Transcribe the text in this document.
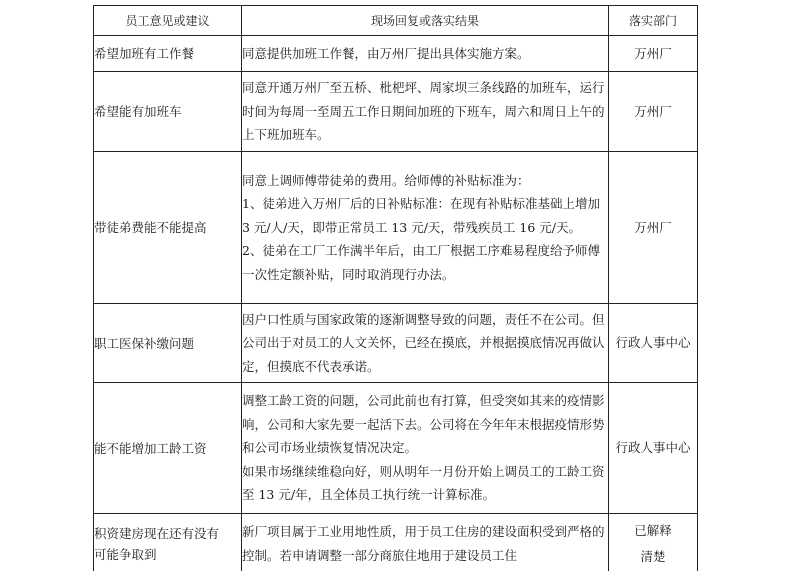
员工意见或建议	现场回复或落实结果	落实部门

希望加班有工作餐	同意提供加班工作餐，由万州厂提出具体实施方案。	万州厂

希望能有加班车	同意开通万州厂至五桥、枇杷坪、周家坝三条线路的加班车，运行时间为每周一至周五工作日期间加班的下班车，周六和周日上午的上下班加班车。	万州厂

带徒弟费能不能提高	同意上调师傅带徒弟的费用。给师傅的补贴标准为：
1、徒弟进入万州厂后的日补贴标准：在现有补贴标准基础上增加 3 元/人/天，即带正常员工 13 元/天，带残疾员工 16 元/天。
2、徒弟在工厂工作满半年后，由工厂根据工序难易程度给予师傅一次性定额补贴，同时取消现行办法。	万州厂

职工医保补缴问题	因户口性质与国家政策的逐渐调整导致的问题，责任不在公司。但公司出于对员工的人文关怀，已经在摸底，并根据摸底情况再做认定，但摸底不代表承诺。	行政人事中心

能不能增加工龄工资	调整工龄工资的问题，公司此前也有打算，但受突如其来的疫情影响，公司和大家先要一起活下去。公司将在今年年末根据疫情形势和公司市场业绩恢复情况决定。
如果市场继续维稳向好，则从明年一月份开始上调员工的工龄工资至 13 元/年，且全体员工执行统一计算标准。	行政人事中心

积资建房现在还有没有
可能争取到	新厂项目属于工业用地性质，用于员工住房的建设面积受到严格的控制。若申请调整一部分商旅住地用于建设员工住	已解释
清楚
